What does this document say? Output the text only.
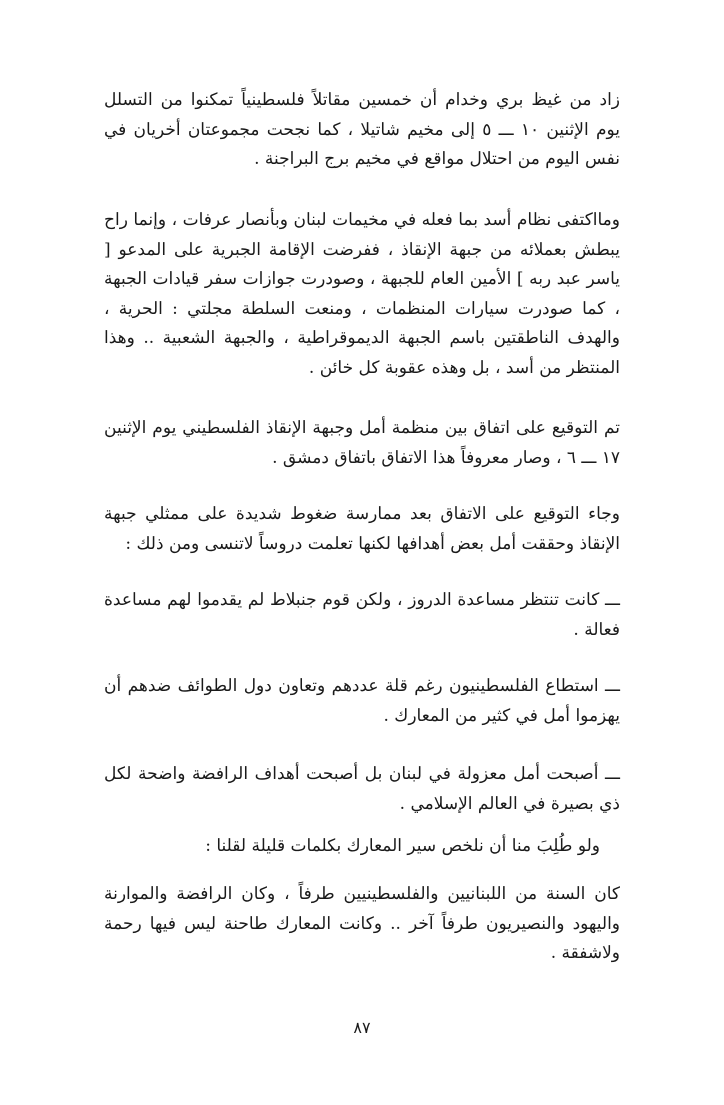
زاد من غيظ بري وخدام أن خمسين مقاتلاً فلسطينياً تمكنوا من التسلل يوم الإثنين ١٠ ـــ ٥ إلى مخيم شاتيلا ، كما نجحت مجموعتان أخريان في نفس اليوم من احتلال مواقع في مخيم برج البراجنة .

ومااكتفى نظام أسد بما فعله في مخيمات لبنان وبأنصار عرفات ، وإنما راح يبطش بعملائه من جبهة الإنقاذ ، ففرضت الإقامة الجبرية على المدعو [ ياسر عبد ربه ] الأمين العام للجبهة ، وصودرت جوازات سفر قيادات الجبهة ، كما صودرت سيارات المنظمات ، ومنعت السلطة مجلتي : الحرية ، والهدف الناطقتين باسم الجبهة الديموقراطية ، والجبهة الشعبية .. وهذا المنتظر من أسد ، بل وهذه عقوبة كل خائن .

تم التوقيع على اتفاق بين منظمة أمل وجبهة الإنقاذ الفلسطيني يوم الإثنين ١٧ ـــ ٦ ، وصار معروفاً هذا الاتفاق باتفاق دمشق .

وجاء التوقيع على الاتفاق بعد ممارسة ضغوط شديدة على ممثلي جبهة الإنقاذ وحققت أمل بعض أهدافها لكنها تعلمت دروساً لاتنسى ومن ذلك :

ـــ كانت تنتظر مساعدة الدروز ، ولكن قوم جنبلاط لم يقدموا لهم مساعدة فعالة .

ـــ استطاع الفلسطينيون رغم قلة عددهم وتعاون دول الطوائف ضدهم أن يهزموا أمل في كثير من المعارك .

ـــ أصبحت أمل معزولة في لبنان بل أصبحت أهداف الرافضة واضحة لكل ذي بصيرة في العالم الإسلامي .

ولو طُلِبَ منا أن نلخص سير المعارك بكلمات قليلة لقلنا :

كان السنة من اللبنانيين والفلسطينيين طرفاً ، وكان الرافضة والموارنة واليهود والنصيريون طرفاً آخر .. وكانت المعارك طاحنة ليس فيها رحمة ولاشفقة .

٨٧
